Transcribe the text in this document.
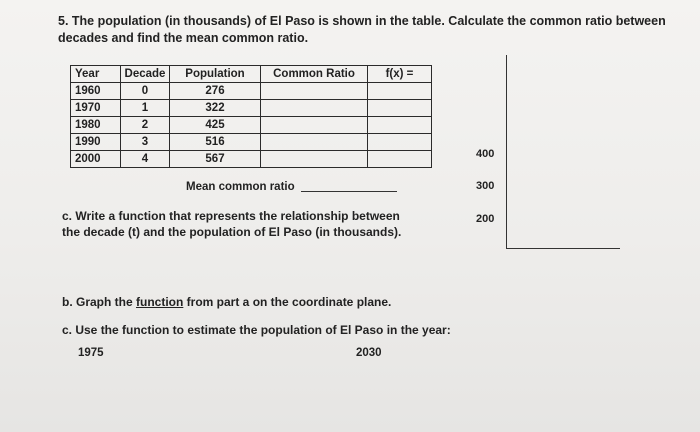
5. The population (in thousands) of El Paso is shown in the table. Calculate the common ratio between decades and find the mean common ratio.
Year	Decade	Population	Common Ratio	f(x) =
1960	0	276		
1970	1	322		
1980	2	425		
1990	3	516		
2000	4	567		
Mean common ratio
c. Write a function that represents the relationship between the decade (t) and the population of El Paso (in thousands).
b. Graph the function from part a on the coordinate plane.
c. Use the function to estimate the population of El Paso in the year:
1975	2030
400
300
200
